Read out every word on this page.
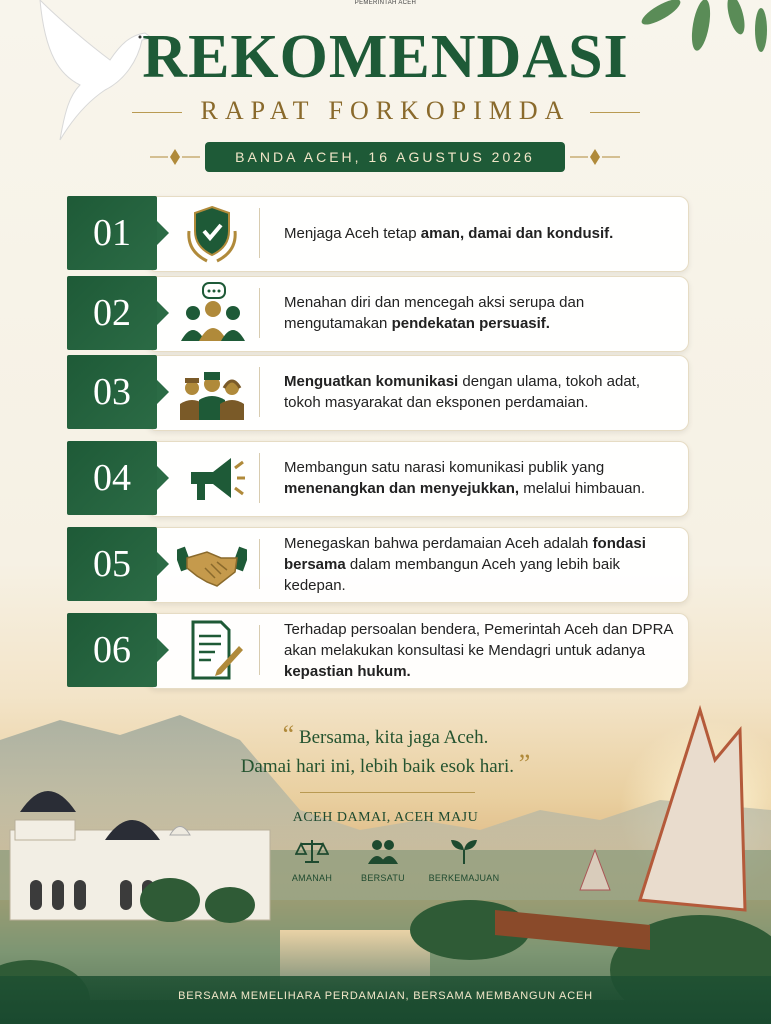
PEMERINTAH ACEH
REKOMENDASI
RAPAT FORKOPIMDA
BANDA ACEH, 16 AGUSTUS 2026
01	Menjaga Aceh tetap aman, damai dan kondusif.
02	Menahan diri dan mencegah aksi serupa dan mengutamakan pendekatan persuasif.
03	Menguatkan komunikasi dengan ulama, tokoh adat, tokoh masyarakat dan eksponen perdamaian.
04	Membangun satu narasi komunikasi publik yang menenangkan dan menyejukkan, melalui himbauan.
05	Menegaskan bahwa perdamaian Aceh adalah fondasi bersama dalam membangun Aceh yang lebih baik kedepan.
06	Terhadap persoalan bendera, Pemerintah Aceh dan DPRA akan melakukan konsultasi ke Mendagri untuk adanya kepastian hukum.
“ Bersama, kita jaga Aceh.
Damai hari ini, lebih baik esok hari. ”
ACEH DAMAI, ACEH MAJU
AMANAH	BERSATU	BERKEMAJUAN
BERSAMA MEMELIHARA PERDAMAIAN, BERSAMA MEMBANGUN ACEH
